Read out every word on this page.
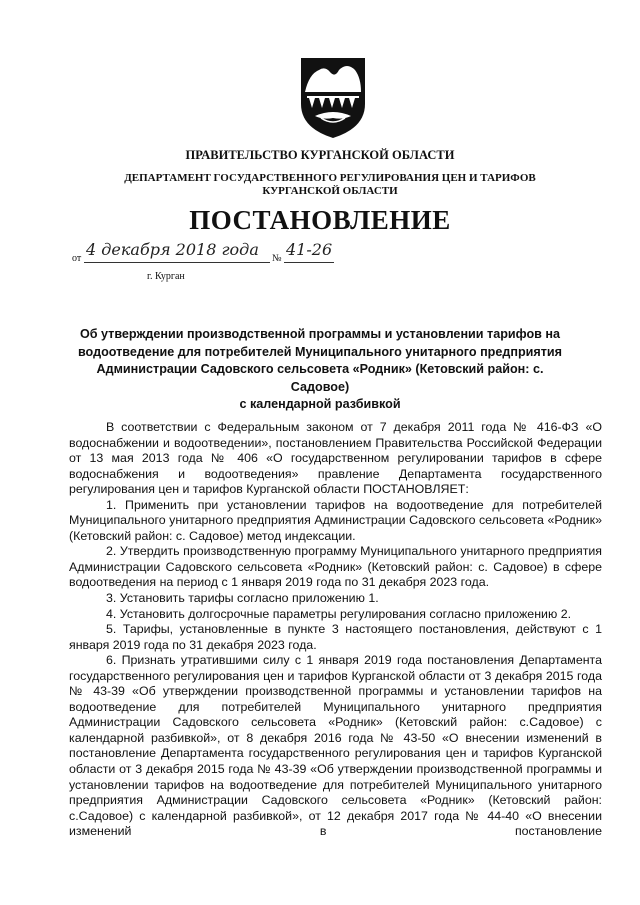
ПРАВИТЕЛЬСТВО КУРГАНСКОЙ ОБЛАСТИ
ДЕПАРТАМЕНТ ГОСУДАРСТВЕННОГО РЕГУЛИРОВАНИЯ ЦЕН И ТАРИФОВ
КУРГАНСКОЙ ОБЛАСТИ
ПОСТАНОВЛЕНИЕ
от 4 декабря 2018 года № 41-26
г. Курган
Об утверждении производственной программы и установлении тарифов на
водоотведение для потребителей Муниципального унитарного предприятия
Администрации Садовского сельсовета «Родник» (Кетовский район: с. Садовое)
с календарной разбивкой

В соответствии с Федеральным законом от 7 декабря 2011 года № 416-ФЗ «О водоснабжении и водоотведении», постановлением Правительства Российской Федерации от 13 мая 2013 года № 406 «О государственном регулировании тарифов в сфере водоснабжения и водоотведения» правление Департамента государственного регулирования цен и тарифов Курганской области ПОСТАНОВЛЯЕТ:

1. Применить при установлении тарифов на водоотведение для потребителей Муниципального унитарного предприятия Администрации Садовского сельсовета «Родник» (Кетовский район: с. Садовое) метод индексации.

2. Утвердить производственную программу Муниципального унитарного предприятия Администрации Садовского сельсовета «Родник» (Кетовский район: с. Садовое) в сфере водоотведения на период с 1 января 2019 года по 31 декабря 2023 года.

3. Установить тарифы согласно приложению 1.

4. Установить долгосрочные параметры регулирования согласно приложению 2.

5. Тарифы, установленные в пункте 3 настоящего постановления, действуют с 1 января 2019 года по 31 декабря 2023 года.

6. Признать утратившими силу с 1 января 2019 года постановления Департамента государственного регулирования цен и тарифов Курганской области от 3 декабря 2015 года № 43-39 «Об утверждении производственной программы и установлении тарифов на водоотведение для потребителей Муниципального унитарного предприятия Администрации Садовского сельсовета «Родник» (Кетовский район: с.Садовое) с календарной разбивкой», от 8 декабря 2016 года № 43-50 «О внесении изменений в постановление Департамента государственного регулирования цен и тарифов Курганской области от 3 декабря 2015 года № 43-39 «Об утверждении производственной программы и установлении тарифов на водоотведение для потребителей Муниципального унитарного предприятия Администрации Садовского сельсовета «Родник» (Кетовский район: с.Садовое) с календарной разбивкой», от 12 декабря 2017 года № 44-40 «О внесении изменений в постановление
